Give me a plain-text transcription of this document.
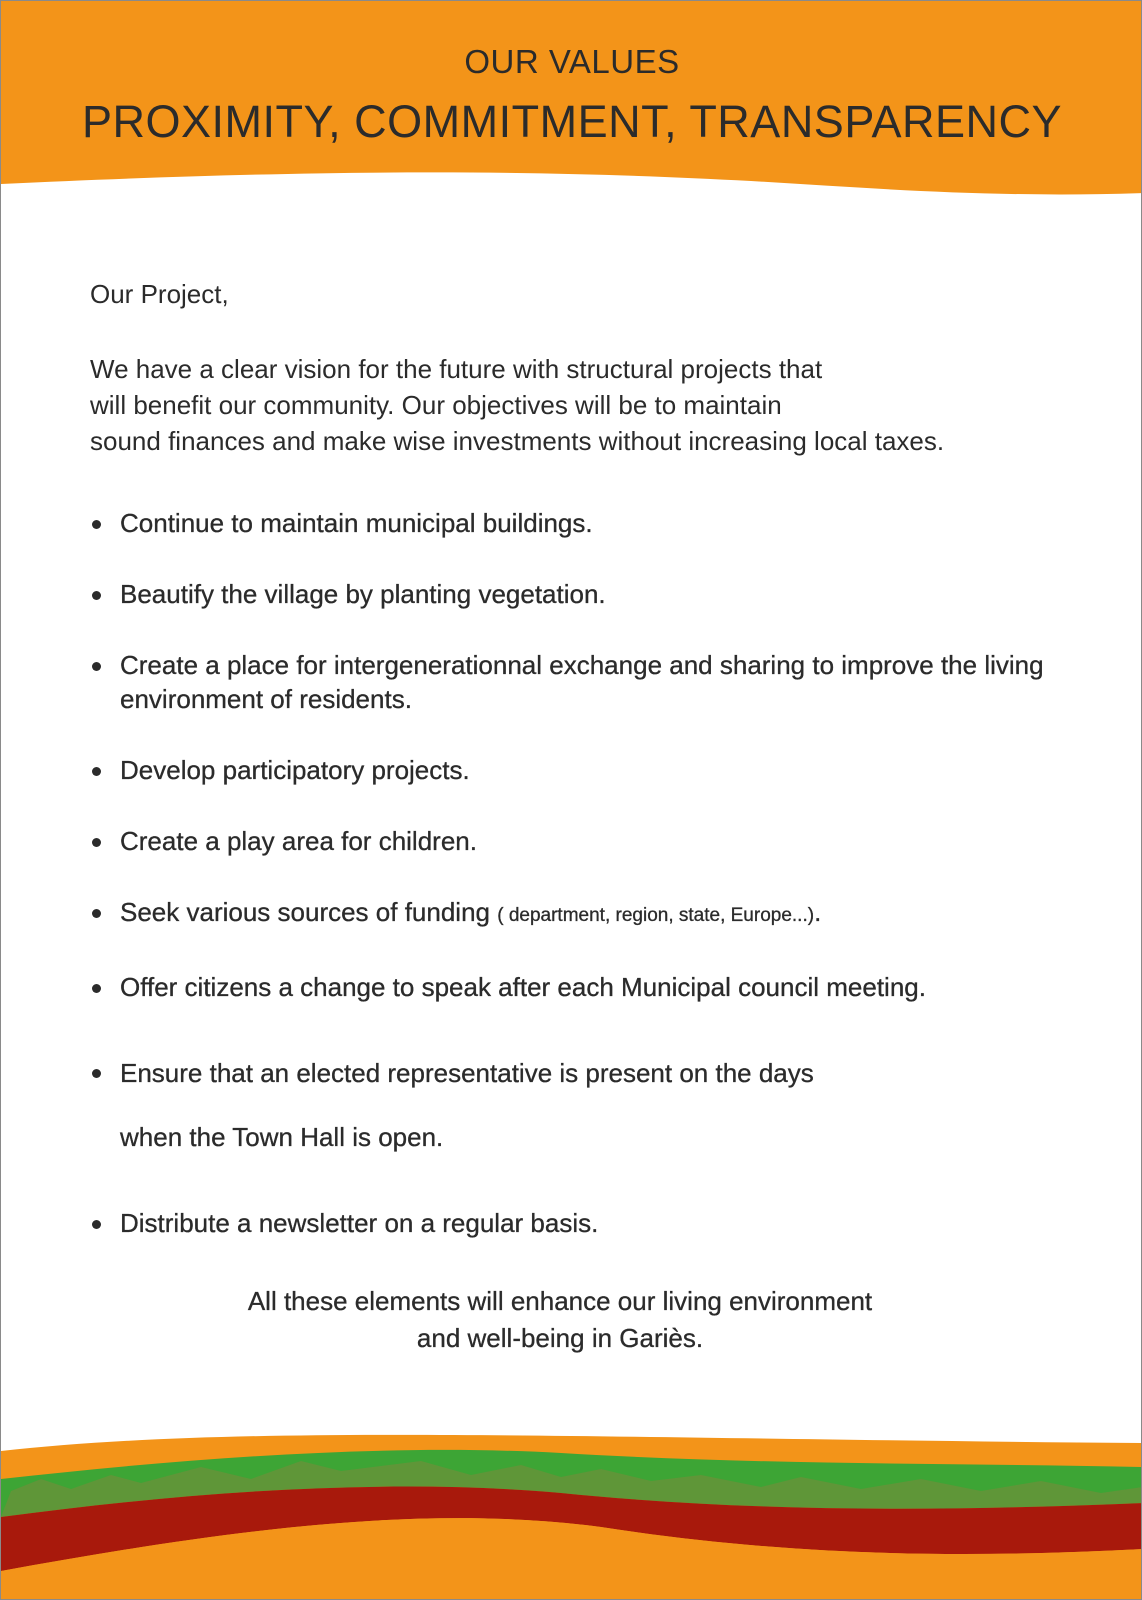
OUR VALUES
PROXIMITY, COMMITMENT, TRANSPARENCY
Our Project,

We have a clear vision for the future with structural projects that
will benefit our community. Our objectives will be to maintain
sound finances and make wise investments without increasing local taxes.

Continue to maintain municipal buildings.
Beautify the village by planting vegetation.
Create a place for intergenerationnal exchange and sharing to improve the living environment of residents.
Develop participatory projects.
Create a play area for children.
Seek various sources of funding ( department, region, state, Europe...).
Offer citizens a change to speak after each Municipal council meeting.
Ensure that an elected representative is present on the days
when the Town Hall is open.
Distribute a newsletter on a regular basis.
All these elements will enhance our living environment
and well-being in Gariès.
